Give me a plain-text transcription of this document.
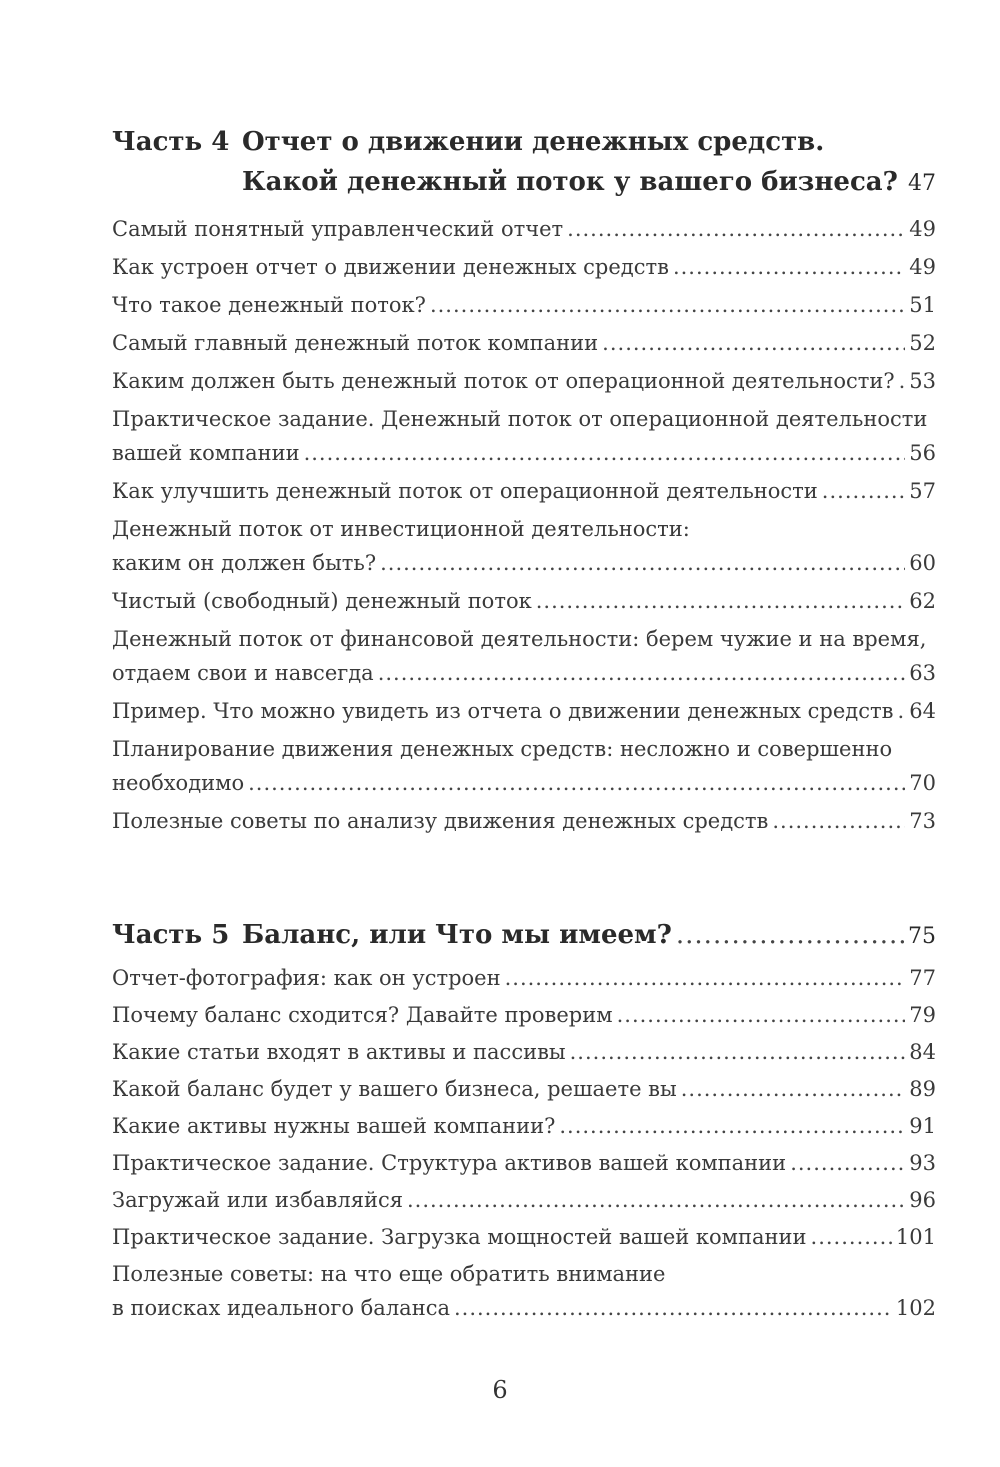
Часть 4 Отчет о движении денежных средств.
Какой денежный поток у вашего бизнеса? ..... 47
Самый понятный управленческий отчет .....	49
Как устроен отчет о движении денежных средств .....	49
Что такое денежный поток? .....	51
Самый главный денежный поток компании .....	52
Каким должен быть денежный поток от операционной деятельности? ..... 53
Практическое задание. Денежный поток от операционной деятельности
вашей компании .....	56
Как улучшить денежный поток от операционной деятельности .....	57
Денежный поток от инвестиционной деятельности:
каким он должен быть? .....	60
Чистый (свободный) денежный поток .....	62
Денежный поток от финансовой деятельности: берем чужие и на время,
отдаем свои и навсегда .....	63
Пример. Что можно увидеть из отчета о движении денежных средств ..... 64
Планирование движения денежных средств: несложно и совершенно
необходимо .....	70
Полезные советы по анализу движения денежных средств .....	73
Часть 5 Баланс, или Что мы имеем? .....	75
Отчет-фотография: как он устроен .....	77
Почему баланс сходится? Давайте проверим .....	79
Какие статьи входят в активы и пассивы .....	84
Какой баланс будет у вашего бизнеса, решаете вы .....	89
Какие активы нужны вашей компании? .....	91
Практическое задание. Структура активов вашей компании .....	93
Загружай или избавляйся .....	96
Практическое задание. Загрузка мощностей вашей компании .....	101
Полезные советы: на что еще обратить внимание
в поисках идеального баланса .....	102
6
